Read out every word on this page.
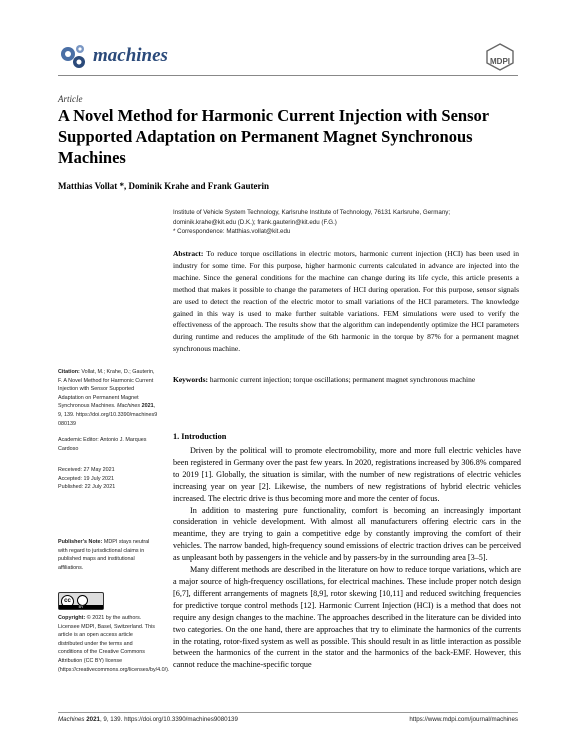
machines	MDPI
Article
A Novel Method for Harmonic Current Injection with Sensor Supported Adaptation on Permanent Magnet Synchronous Machines
Matthias Vollat *, Dominik Krahe and Frank Gauterin
Institute of Vehicle System Technology, Karlsruhe Institute of Technology, 76131 Karlsruhe, Germany;
dominik.krahe@kit.edu (D.K.); frank.gauterin@kit.edu (F.G.)
* Correspondence: Matthias.vollat@kit.edu
Abstract: To reduce torque oscillations in electric motors, harmonic current injection (HCI) has been used in industry for some time. For this purpose, higher harmonic currents calculated in advance are injected into the machine. Since the general conditions for the machine can change during its life cycle, this article presents a method that makes it possible to change the parameters of HCI during operation. For this purpose, sensor signals are used to detect the reaction of the electric motor to small variations of the HCI parameters. The knowledge gained in this way is used to make further suitable variations. FEM simulations were used to verify the effectiveness of the approach. The results show that the algorithm can independently optimize the HCI parameters during runtime and reduces the amplitude of the 6th harmonic in the torque by 87% for a permanent magnet synchronous machine.
Keywords: harmonic current injection; torque oscillations; permanent magnet synchronous machine
Citation: Vollat, M.; Krahe, D.; Gauterin, F. A Novel Method for Harmonic Current Injection with Sensor Supported Adaptation on Permanent Magnet Synchronous Machines. Machines 2021, 9, 139. https://doi.org/10.3390/machines9080139
Academic Editor: Antonio J. Marques Cardoso
Received: 27 May 2021
Accepted: 19 July 2021
Published: 22 July 2021
Publisher’s Note: MDPI stays neutral with regard to jurisdictional claims in published maps and institutional affiliations.
cc
BY
Copyright: © 2021 by the authors. Licensee MDPI, Basel, Switzerland. This article is an open access article distributed under the terms and conditions of the Creative Commons Attribution (CC BY) license (https://creativecommons.org/licenses/by/4.0/).
1. Introduction

Driven by the political will to promote electromobility, more and more full electric vehicles have been registered in Germany over the past few years. In 2020, registrations increased by 306.8% compared to 2019 [1]. Globally, the situation is similar, with the number of new registrations of electric vehicles increasing year on year [2]. Likewise, the numbers of new registrations of hybrid electric vehicles increased. The electric drive is thus becoming more and more the center of focus.

In addition to mastering pure functionality, comfort is becoming an increasingly important consideration in vehicle development. With almost all manufacturers offering electric cars in the meantime, they are trying to gain a competitive edge by constantly improving the comfort of their vehicles. The narrow banded, high-frequency sound emissions of electric traction drives can be perceived as unpleasant both by passengers in the vehicle and by passers-by in the surrounding area [3–5].

Many different methods are described in the literature on how to reduce torque variations, which are a major source of high-frequency oscillations, for electrical machines. These include proper notch design [6,7], different arrangements of magnets [8,9], rotor skewing [10,11] and reduced switching frequencies for predictive torque control methods [12]. Harmonic Current Injection (HCI) is a method that does not require any design changes to the machine. The approaches described in the literature can be divided into two categories. On the one hand, there are approaches that try to eliminate the harmonics of the currents in the rotating, rotor-fixed system as well as possible. This should result in as little interaction as possible between the harmonics of the current in the stator and the harmonics of the back-EMF. However, this cannot reduce the machine-specific torque

Machines 2021, 9, 139. https://doi.org/10.3390/machines9080139	https://www.mdpi.com/journal/machines
